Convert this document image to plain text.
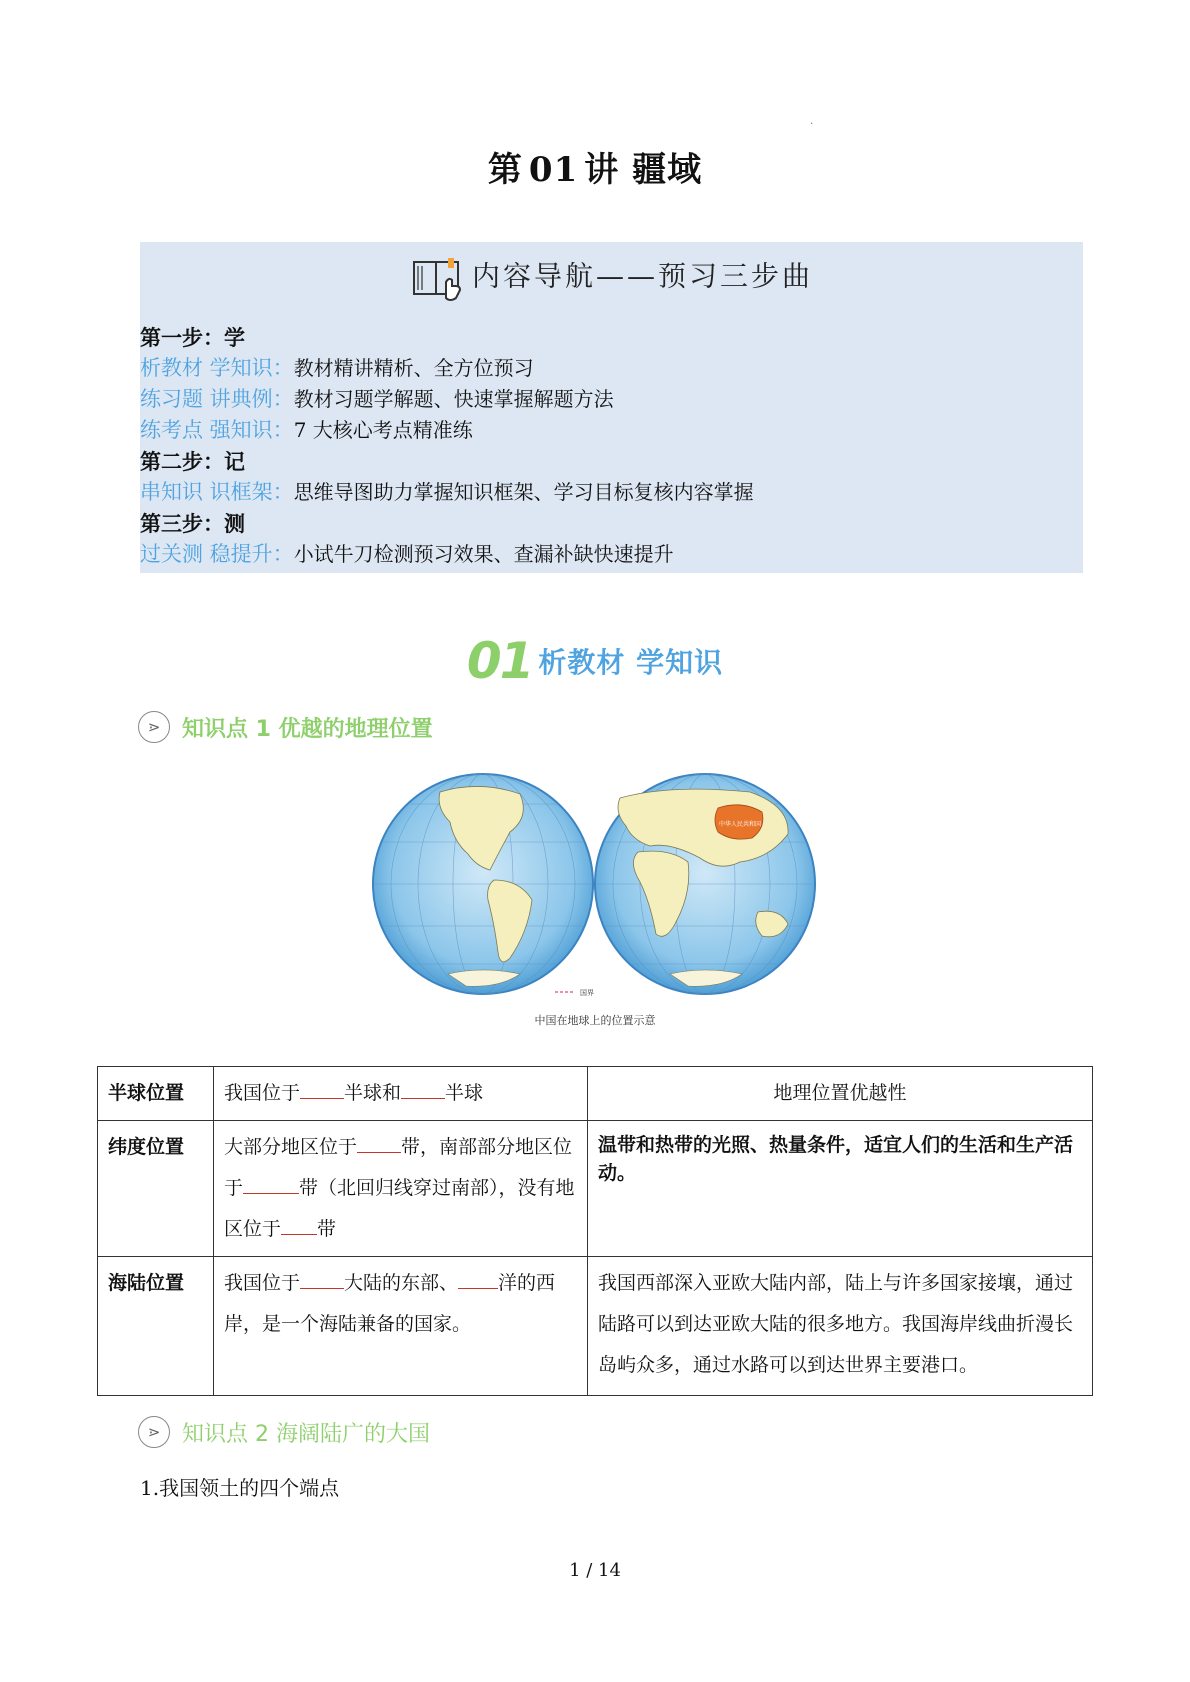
.
第 01 讲 疆域
内容导航——预习三步曲
第一步：学
析教材 学知识：教材精讲精析、全方位预习
练习题 讲典例：教材习题学解题、快速掌握解题方法
练考点 强知识：7 大核心考点精准练
第二步：记
串知识 识框架：思维导图助力掌握知识框架、学习目标复核内容掌握
第三步：测
过关测 稳提升：小试牛刀检测预习效果、查漏补缺快速提升
01 析教材 学知识
⋗ 知识点 1 优越的地理位置
中华人民共和国
国界
中国在地球上的位置示意
半球位置	我国位于 半球和 半球	地理位置优越性
纬度位置	大部分地区位于 带，南部部分地区位于 带（北回归线穿过南部），没有地区位于 带	温带和热带的光照、热量条件，适宜人们的生活和生产活动。
海陆位置	我国位于 大陆的东部、 洋的西岸，是一个海陆兼备的国家。	我国西部深入亚欧大陆内部，陆上与许多国家接壤，通过陆路可以到达亚欧大陆的很多地方。我国海岸线曲折漫长岛屿众多，通过水路可以到达世界主要港口。
⋗ 知识点 2 海阔陆广的大国
1.我国领土的四个端点
1 / 14
